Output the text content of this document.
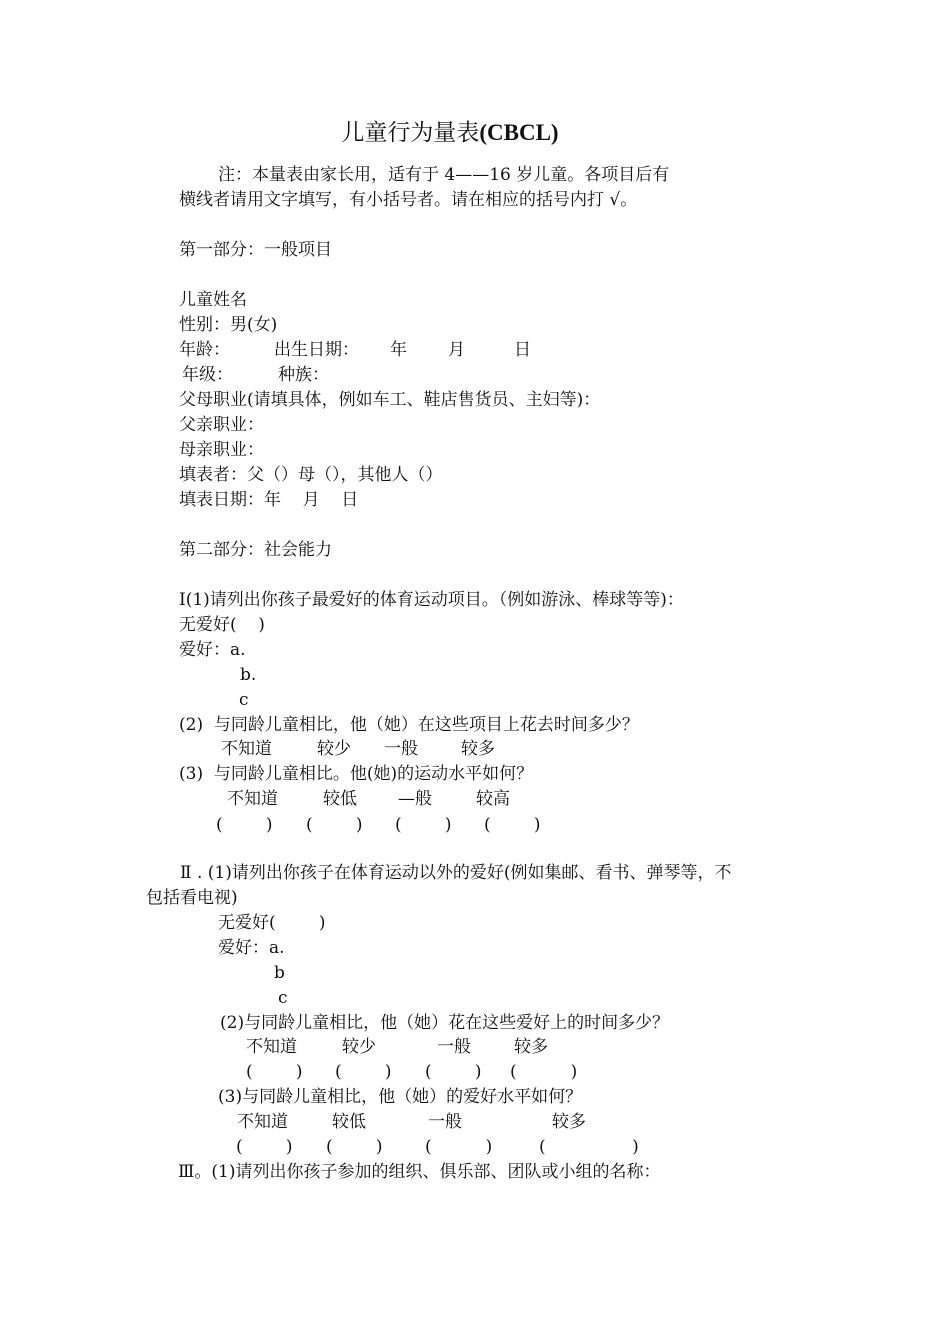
儿童行为量表(CBCL)
注：本量表由家长用，适有于 4——16 岁儿童。各项目后有
横线者请用文字填写，有小括号者。请在相应的括号内打 √。
第一部分：一般项目
儿童姓名
性别：男(女)
年龄：	出生日期： 年 月	日
年级：	种族：
父母职业(请填具体，例如车工、鞋店售货员、主妇等)：
父亲职业：
母亲职业：
填表者：父（）母（），其他人（）
填表日期：年    月    日
第二部分：社会能力
I(1)请列出你孩子最爱好的体育运动项目。（例如游泳、棒球等等)：
无爱好(    )
爱好：a.
b.
c
(2)  与同龄儿童相比，他（她）在这些项目上花去时间多少？
不知道	较少 一般	较多
(3)  与同龄儿童相比。他(她)的运动水平如何？
不知道	较低 —般	较高
(        ) (        ) (        ) (        )
Ⅱ . (1)请列出你孩子在体育运动以外的爱好(例如集邮、看书、弹琴等，不
包括看电视)
无爱好(        )
爱好：a.
b
c
(2)与同龄儿童相比，他（她）花在这些爱好上的时间多少？
不知道	较少	一般	较多
(        ) (        ) (        ) (          )
(3)与同龄儿童相比，他（她）的爱好水平如何？
不知道	较低	一般	较多
(        ) (        )	(          )	(                )
Ⅲ。(1)请列出你孩子参加的组织、俱乐部、团队或小组的名称：
